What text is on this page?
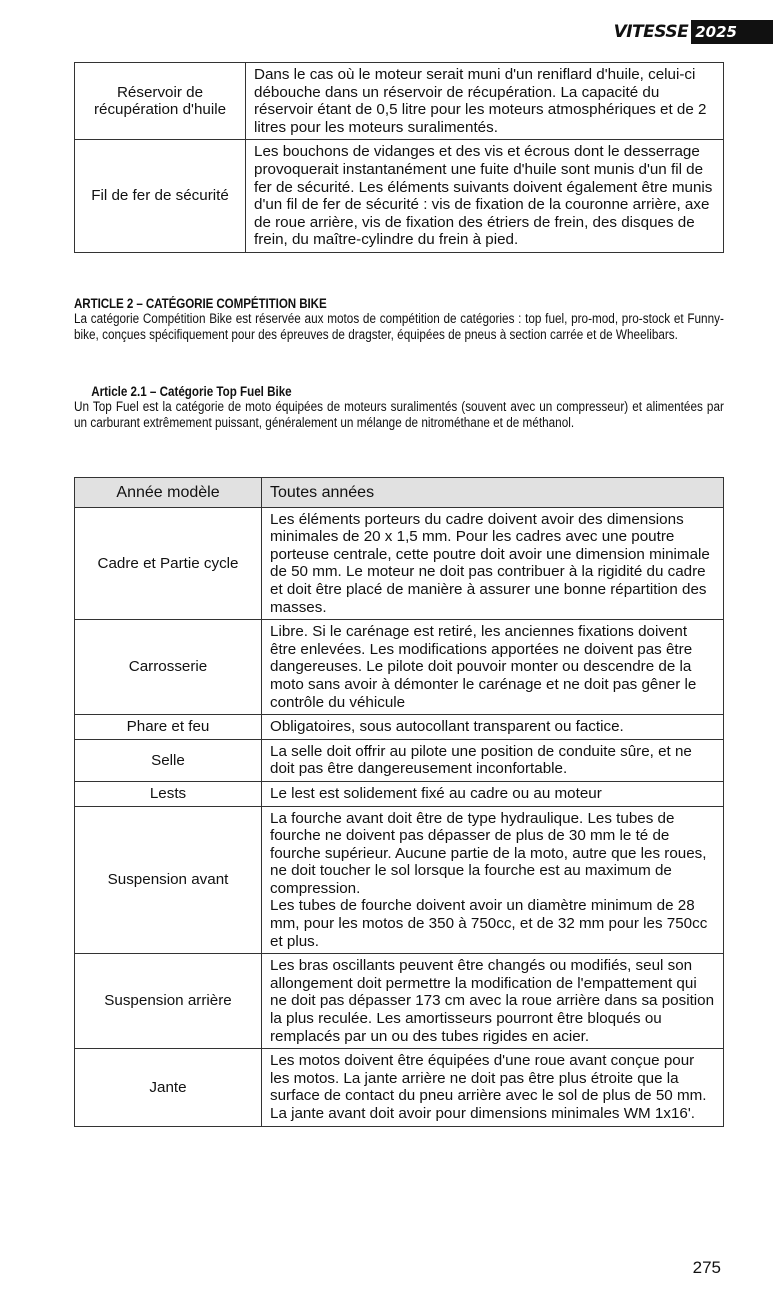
VITESSE 2025
Réservoir de
récupération d'huile	Dans le cas où le moteur serait muni d'un reniflard d'huile, celui-ci débouche dans un réservoir de récupération. La capacité du réservoir étant de 0,5 litre pour les moteurs atmosphériques et de 2 litres pour les moteurs suralimentés.
Fil de fer de sécurité	Les bouchons de vidanges et des vis et écrous dont le desserrage provoquerait instantanément une fuite d'huile sont munis d'un fil de fer de sécurité. Les éléments suivants doivent également être munis d'un fil de fer de sécurité : vis de fixation de la couronne arrière, axe de roue arrière, vis de fixation des étriers de frein, des disques de frein, du maître-cylindre du frein à pied.
ARTICLE 2 – CATÉGORIE COMPÉTITION BIKE
La catégorie Compétition Bike est réservée aux motos de compétition de catégories : top fuel, pro-mod, pro-stock et Funny-bike, conçues spécifiquement pour des épreuves de dragster, équipées de pneus à section carrée et de Wheelibars.
Article 2.1 – Catégorie Top Fuel Bike
Un Top Fuel est la catégorie de moto équipées de moteurs suralimentés (souvent avec un compresseur) et alimentées par un carburant extrêmement puissant, généralement un mélange de nitrométhane et de méthanol.
Année modèle	Toutes années
Cadre et Partie cycle	Les éléments porteurs du cadre doivent avoir des dimensions minimales de 20 x 1,5 mm. Pour les cadres avec une poutre porteuse centrale, cette poutre doit avoir une dimension minimale de 50 mm. Le moteur ne doit pas contribuer à la rigidité du cadre et doit être placé de manière à assurer une bonne répartition des masses.
Carrosserie	Libre. Si le carénage est retiré, les anciennes fixations doivent être enlevées. Les modifications apportées ne doivent pas être dangereuses. Le pilote doit pouvoir monter ou descendre de la moto sans avoir à démonter le carénage et ne doit pas gêner le contrôle du véhicule
Phare et feu	Obligatoires, sous autocollant transparent ou factice.
Selle	La selle doit offrir au pilote une position de conduite sûre, et ne doit pas être dangereusement inconfortable.
Lests	Le lest est solidement fixé au cadre ou au moteur
Suspension avant	La fourche avant doit être de type hydraulique. Les tubes de fourche ne doivent pas dépasser de plus de 30 mm le té de fourche supérieur. Aucune partie de la moto, autre que les roues, ne doit toucher le sol lorsque la fourche est au maximum de compression.
Les tubes de fourche doivent avoir un diamètre minimum de 28 mm, pour les motos de 350 à 750cc, et de 32 mm pour les 750cc et plus.
Suspension arrière	Les bras oscillants peuvent être changés ou modifiés, seul son allongement doit permettre la modification de l'empattement qui ne doit pas dépasser 173 cm avec la roue arrière dans sa position la plus reculée. Les amortisseurs pourront être bloqués ou remplacés par un ou des tubes rigides en acier.
Jante	Les motos doivent être équipées d'une roue avant conçue pour les motos. La jante arrière ne doit pas être plus étroite que la surface de contact du pneu arrière avec le sol de plus de 50 mm. La jante avant doit avoir pour dimensions minimales WM 1x16'.
275
